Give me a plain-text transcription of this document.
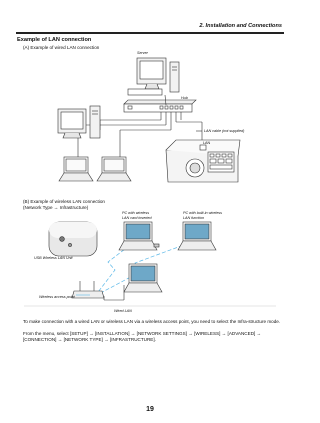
2. Installation and Connections
Example of LAN connection
(A) Example of wired LAN connection
Server
Hub
LAN cable (not supplied)
LAN
(B) Example of wireless LAN connection
(Network Type → Infrastructure)
PC with wireless
LAN card inserted
PC with built-in wireless
LAN function
USB Wireless LAN Unit
Wireless access point
Wired LAN
To make connection with a wired LAN or wireless LAN via a wireless access point, you need to select the Infra-structure mode.
From the menu, select [SETUP] → [INSTALLATION] → [NETWORK SETTINGS] → [WIRELESS] → [ADVANCED] → [CONNECTION] → [NETWORK TYPE] → [INFRASTRUCTURE].
19
